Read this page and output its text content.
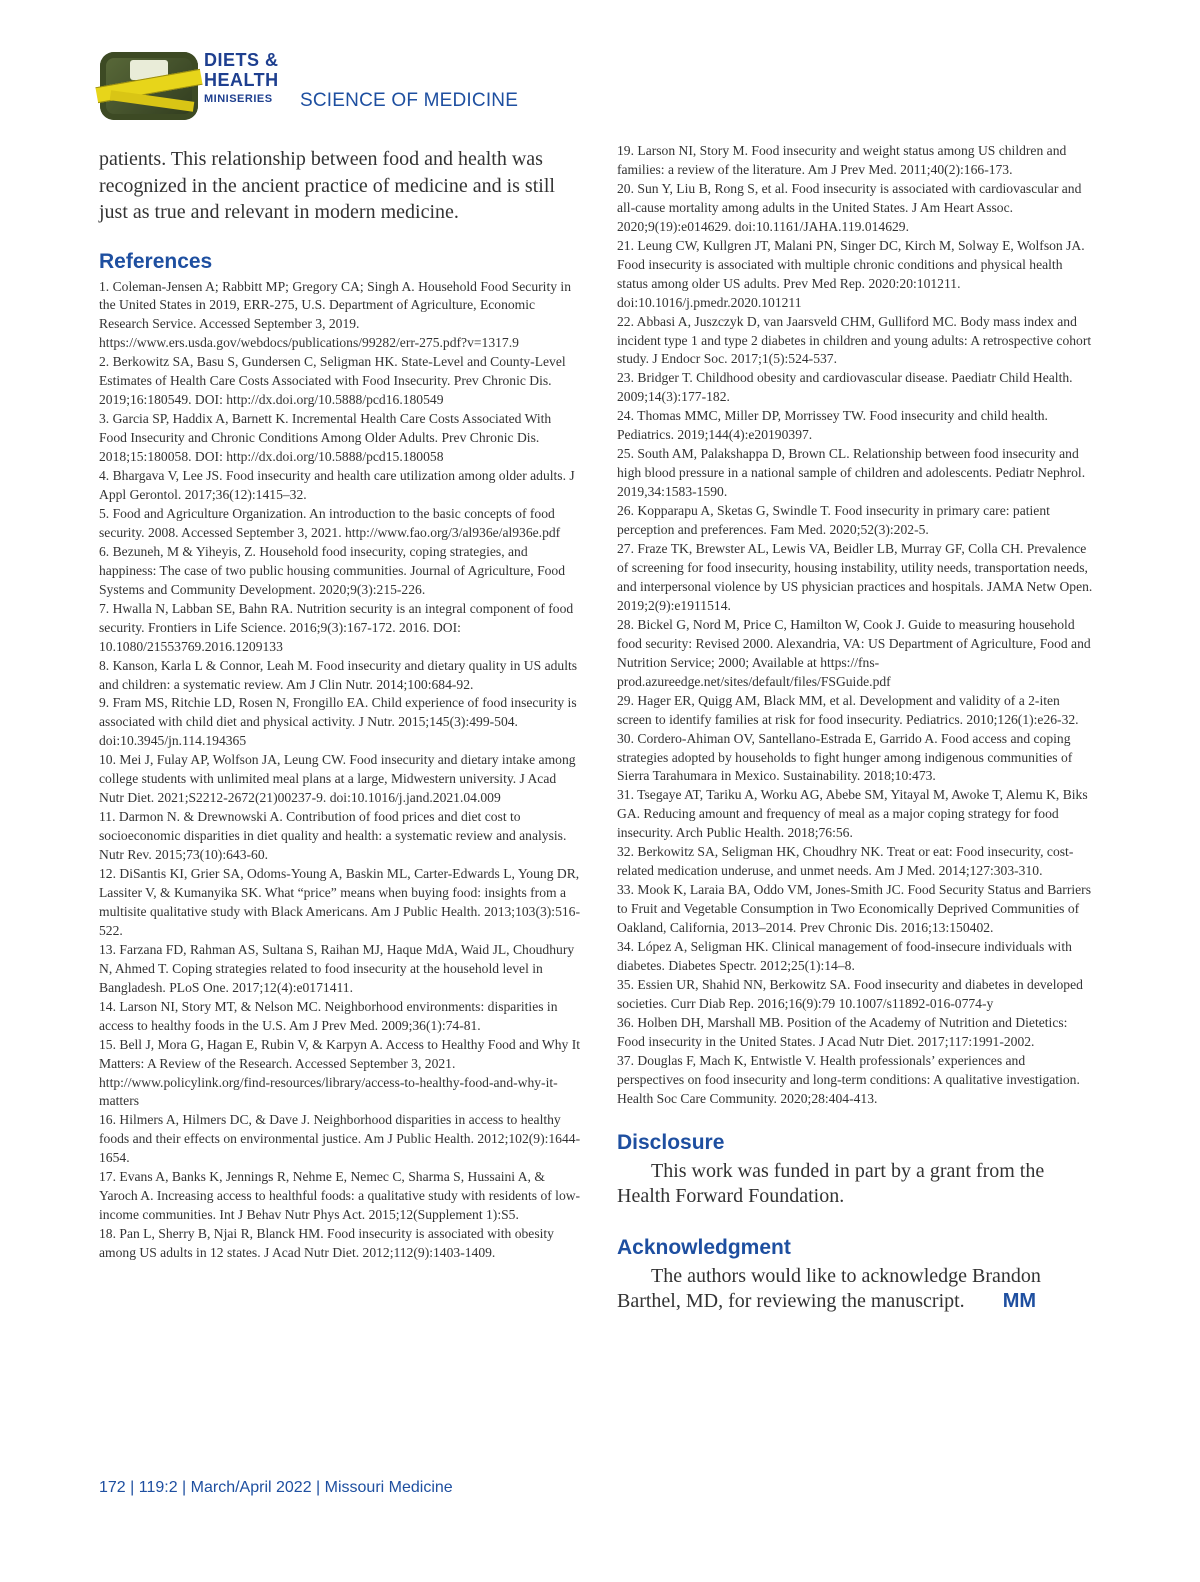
DIETS &
HEALTH
MINISERIES SCIENCE OF MEDICINE

patients. This relationship between food and health was recognized in the ancient practice of medicine and is still just as true and relevant in modern medicine.

References
1. Coleman-Jensen A; Rabbitt MP; Gregory CA; Singh A. Household Food Security in the United States in 2019, ERR-275, U.S. Department of Agriculture, Economic Research Service. Accessed September 3, 2019. https://www.ers.usda.gov/webdocs/publications/99282/err-275.pdf?v=1317.9
2. Berkowitz SA, Basu S, Gundersen C, Seligman HK. State-Level and County-Level Estimates of Health Care Costs Associated with Food Insecurity. Prev Chronic Dis. 2019;16:180549. DOI: http://dx.doi.org/10.5888/pcd16.180549
3. Garcia SP, Haddix A, Barnett K. Incremental Health Care Costs Associated With Food Insecurity and Chronic Conditions Among Older Adults. Prev Chronic Dis. 2018;15:180058. DOI: http://dx.doi.org/10.5888/pcd15.180058
4. Bhargava V, Lee JS. Food insecurity and health care utilization among older adults. J Appl Gerontol. 2017;36(12):1415–32.
5. Food and Agriculture Organization. An introduction to the basic concepts of food security. 2008. Accessed September 3, 2021. http://www.fao.org/3/al936e/al936e.pdf
6. Bezuneh, M & Yiheyis, Z. Household food insecurity, coping strategies, and happiness: The case of two public housing communities. Journal of Agriculture, Food Systems and Community Development. 2020;9(3):215-226.
7. Hwalla N, Labban SE, Bahn RA. Nutrition security is an integral component of food security. Frontiers in Life Science. 2016;9(3):167-172. 2016. DOI: 10.1080/21553769.2016.1209133
8. Kanson, Karla L & Connor, Leah M. Food insecurity and dietary quality in US adults and children: a systematic review. Am J Clin Nutr. 2014;100:684-92.
9. Fram MS, Ritchie LD, Rosen N, Frongillo EA. Child experience of food insecurity is associated with child diet and physical activity. J Nutr. 2015;145(3):499-504. doi:10.3945/jn.114.194365
10. Mei J, Fulay AP, Wolfson JA, Leung CW. Food insecurity and dietary intake among college students with unlimited meal plans at a large, Midwestern university. J Acad Nutr Diet. 2021;S2212-2672(21)00237-9. doi:10.1016/j.jand.2021.04.009
11. Darmon N. & Drewnowski A. Contribution of food prices and diet cost to socioeconomic disparities in diet quality and health: a systematic review and analysis. Nutr Rev. 2015;73(10):643-60.
12. DiSantis KI, Grier SA, Odoms-Young A, Baskin ML, Carter-Edwards L, Young DR, Lassiter V, & Kumanyika SK. What “price” means when buying food: insights from a multisite qualitative study with Black Americans. Am J Public Health. 2013;103(3):516-522.
13. Farzana FD, Rahman AS, Sultana S, Raihan MJ, Haque MdA, Waid JL, Choudhury N, Ahmed T. Coping strategies related to food insecurity at the household level in Bangladesh. PLoS One. 2017;12(4):e0171411.
14. Larson NI, Story MT, & Nelson MC. Neighborhood environments: disparities in access to healthy foods in the U.S. Am J Prev Med. 2009;36(1):74-81.
15. Bell J, Mora G, Hagan E, Rubin V, & Karpyn A. Access to Healthy Food and Why It Matters: A Review of the Research. Accessed September 3, 2021. http://www.policylink.org/find-resources/library/access-to-healthy-food-and-why-it-matters
16. Hilmers A, Hilmers DC, & Dave J. Neighborhood disparities in access to healthy foods and their effects on environmental justice. Am J Public Health. 2012;102(9):1644-1654.
17. Evans A, Banks K, Jennings R, Nehme E, Nemec C, Sharma S, Hussaini A, & Yaroch A. Increasing access to healthful foods: a qualitative study with residents of low-income communities. Int J Behav Nutr Phys Act. 2015;12(Supplement 1):S5.
18. Pan L, Sherry B, Njai R, Blanck HM. Food insecurity is associated with obesity among US adults in 12 states. J Acad Nutr Diet. 2012;112(9):1403-1409.
19. Larson NI, Story M. Food insecurity and weight status among US children and families: a review of the literature. Am J Prev Med. 2011;40(2):166-173.
20. Sun Y, Liu B, Rong S, et al. Food insecurity is associated with cardiovascular and all-cause mortality among adults in the United States. J Am Heart Assoc. 2020;9(19):e014629. doi:10.1161/JAHA.119.014629.
21. Leung CW, Kullgren JT, Malani PN, Singer DC, Kirch M, Solway E, Wolfson JA. Food insecurity is associated with multiple chronic conditions and physical health status among older US adults. Prev Med Rep. 2020:20:101211. doi:10.1016/j.pmedr.2020.101211
22. Abbasi A, Juszczyk D, van Jaarsveld CHM, Gulliford MC. Body mass index and incident type 1 and type 2 diabetes in children and young adults: A retrospective cohort study. J Endocr Soc. 2017;1(5):524-537.
23. Bridger T. Childhood obesity and cardiovascular disease. Paediatr Child Health. 2009;14(3):177-182.
24. Thomas MMC, Miller DP, Morrissey TW. Food insecurity and child health. Pediatrics. 2019;144(4):e20190397.
25. South AM, Palakshappa D, Brown CL. Relationship between food insecurity and high blood pressure in a national sample of children and adolescents. Pediatr Nephrol. 2019,34:1583-1590.
26. Kopparapu A, Sketas G, Swindle T. Food insecurity in primary care: patient perception and preferences. Fam Med. 2020;52(3):202-5.
27. Fraze TK, Brewster AL, Lewis VA, Beidler LB, Murray GF, Colla CH. Prevalence of screening for food insecurity, housing instability, utility needs, transportation needs, and interpersonal violence by US physician practices and hospitals. JAMA Netw Open. 2019;2(9):e1911514.
28. Bickel G, Nord M, Price C, Hamilton W, Cook J. Guide to measuring household food security: Revised 2000. Alexandria, VA: US Department of Agriculture, Food and Nutrition Service; 2000; Available at https://fns-prod.azureedge.net/sites/default/files/FSGuide.pdf
29. Hager ER, Quigg AM, Black MM, et al. Development and validity of a 2-iten screen to identify families at risk for food insecurity. Pediatrics. 2010;126(1):e26-32.
30. Cordero-Ahiman OV, Santellano-Estrada E, Garrido A. Food access and coping strategies adopted by households to fight hunger among indigenous communities of Sierra Tarahumara in Mexico. Sustainability. 2018;10:473.
31. Tsegaye AT, Tariku A, Worku AG, Abebe SM, Yitayal M, Awoke T, Alemu K, Biks GA. Reducing amount and frequency of meal as a major coping strategy for food insecurity. Arch Public Health. 2018;76:56.
32. Berkowitz SA, Seligman HK, Choudhry NK. Treat or eat: Food insecurity, cost-related medication underuse, and unmet needs. Am J Med. 2014;127:303-310.
33. Mook K, Laraia BA, Oddo VM, Jones-Smith JC. Food Security Status and Barriers to Fruit and Vegetable Consumption in Two Economically Deprived Communities of Oakland, California, 2013–2014. Prev Chronic Dis. 2016;13:150402.
34. López A, Seligman HK. Clinical management of food-insecure individuals with diabetes. Diabetes Spectr. 2012;25(1):14–8.
35. Essien UR, Shahid NN, Berkowitz SA. Food insecurity and diabetes in developed societies. Curr Diab Rep. 2016;16(9):79 10.1007/s11892-016-0774-y
36. Holben DH, Marshall MB. Position of the Academy of Nutrition and Dietetics: Food insecurity in the United States. J Acad Nutr Diet. 2017;117:1991-2002.
37. Douglas F, Mach K, Entwistle V. Health professionals’ experiences and perspectives on food insecurity and long-term conditions: A qualitative investigation. Health Soc Care Community. 2020;28:404-413.
Disclosure

This work was funded in part by a grant from the Health Forward Foundation.

Acknowledgment

The authors would like to acknowledge Brandon Barthel, MD, for reviewing the manuscript. MM

172 | 119:2 | March/April 2022 | Missouri Medicine
